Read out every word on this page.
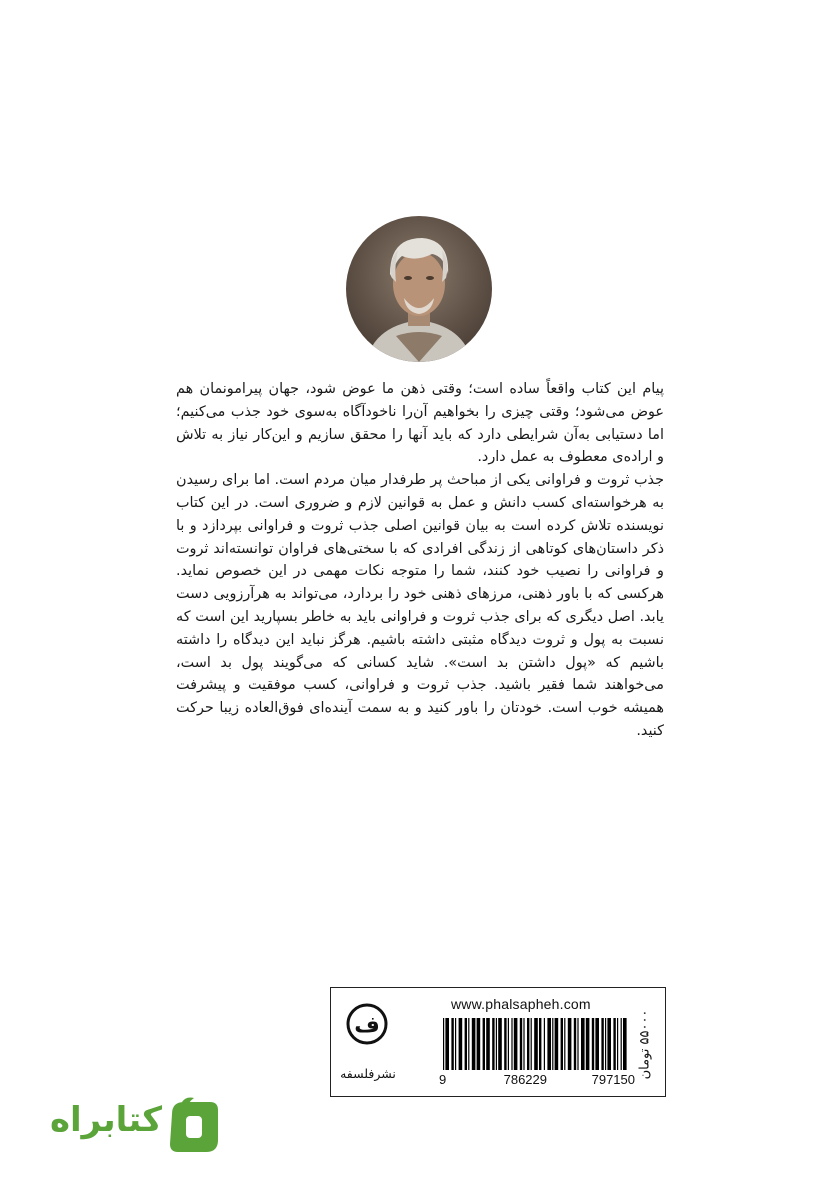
پیام این کتاب واقعاً ساده است؛ وقتی ذهن ما عوض شود، جهان پیرامونمان هم عوض می‌شود؛ وقتی چیزی را بخواهیم آن‌را ناخودآگاه به‌سوی خود جذب می‌کنیم؛ اما دستیابی به‌آن شرایطی دارد که باید آنها را محقق سازیم و این‌کار نیاز به تلاش و اراده‌ی معطوف به عمل دارد.

جذب ثروت و فراوانی یکی از مباحث پر طرفدار میان مردم است. اما برای رسیدن به هرخواسته‌ای کسب دانش و عمل به قوانین لازم و ضروری است. در این کتاب نویسنده تلاش کرده است به بیان قوانین اصلی جذب ثروت و فراوانی بپردازد و با ذکر داستان‌های کوتاهی از زندگی افرادی که با سختی‌های فراوان توانسته‌اند ثروت و فراوانی را نصیب خود کنند، شما را متوجه نکات مهمی در این خصوص نماید. هرکسی که با باور ذهنی، مرزهای ذهنی خود را بردارد، می‌تواند به هرآرزویی دست یابد. اصل دیگری که برای جذب ثروت و فراوانی باید به خاطر بسپارید این است که نسبت به پول و ثروت دیدگاه مثبتی داشته باشیم. هرگز نباید این دیدگاه را داشته باشیم که «پول داشتن بد است». شاید کسانی که می‌گویند پول بد است، می‌خواهند شما فقیر باشید. جذب ثروت و فراوانی، کسب موفقیت و پیشرفت همیشه خوب است. خودتان را باور کنید و به سمت آینده‌ای فوق‌العاده زیبا حرکت کنید.

ف
نشرفلسفه
www.phalsapheh.com
9	786229	797150
۵۵۰۰۰ تومان
کتابراه
